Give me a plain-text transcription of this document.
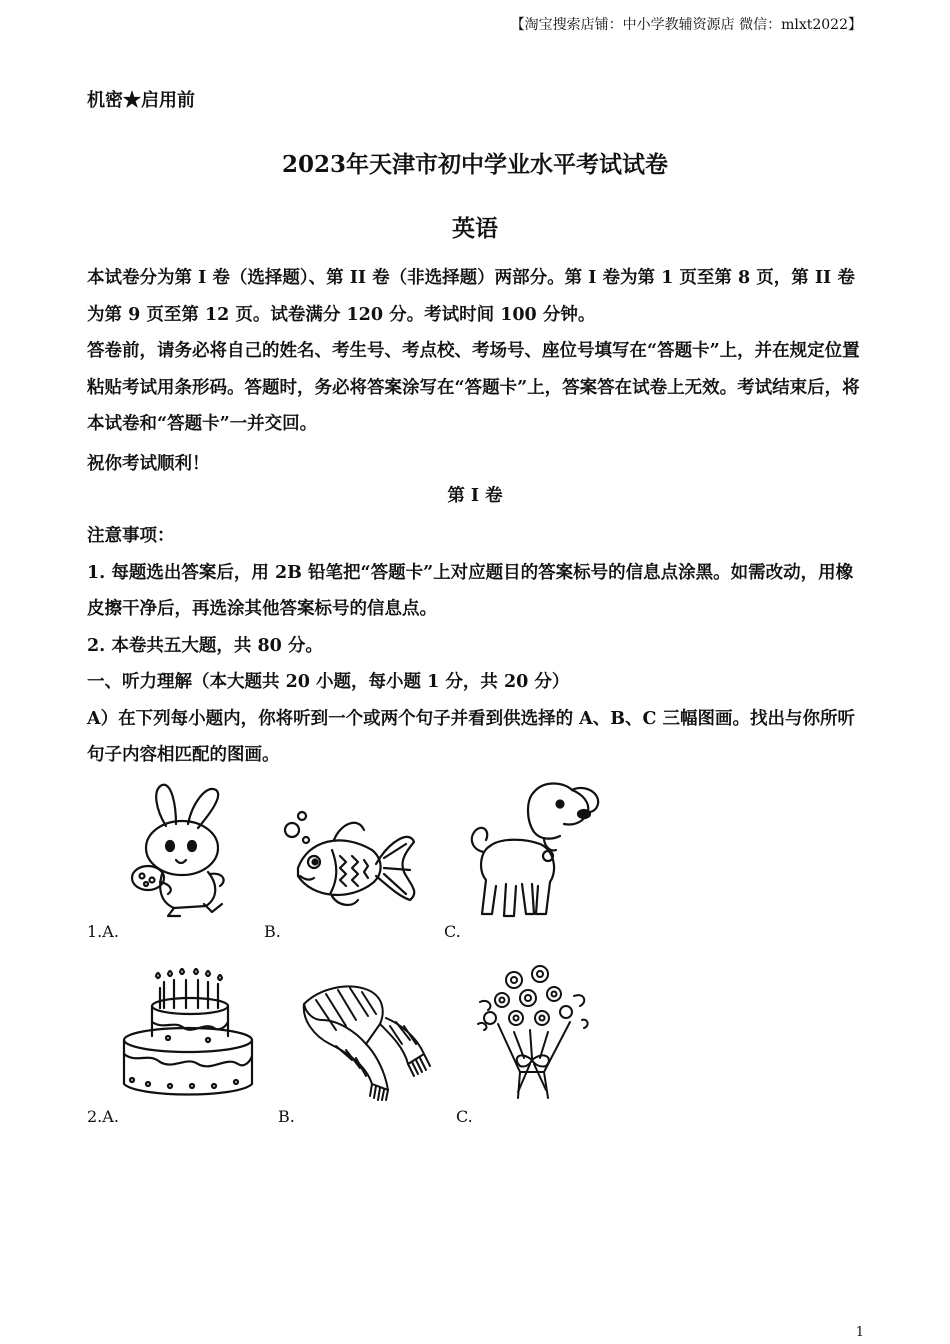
【淘宝搜索店铺：中小学教辅资源店 微信：mlxt2022】
机密★启用前
2023年天津市初中学业水平考试试卷
英语
本试卷分为第 I 卷（选择题）、第 II 卷（非选择题）两部分。第 I 卷为第 1 页至第 8 页，第 II 卷为第 9 页至第 12 页。试卷满分 120 分。考试时间 100 分钟。
答卷前，请务必将自己的姓名、考生号、考点校、考场号、座位号填写在“答题卡”上，并在规定位置粘贴考试用条形码。答题时，务必将答案涂写在“答题卡”上，答案答在试卷上无效。考试结束后，将本试卷和“答题卡”一并交回。
祝你考试顺利！
第 I 卷
注意事项：
1. 每题选出答案后，用 2B 铅笔把“答题卡”上对应题目的答案标号的信息点涂黑。如需改动，用橡皮擦干净后，再选涂其他答案标号的信息点。
2. 本卷共五大题，共 80 分。
一、听力理解（本大题共 20 小题，每小题 1 分，共 20 分）
A）在下列每小题内，你将听到一个或两个句子并看到供选择的 A、B、C 三幅图画。找出与你所听句子内容相匹配的图画。
1.A.	B.	C.
2.A.	B.	C.
1
